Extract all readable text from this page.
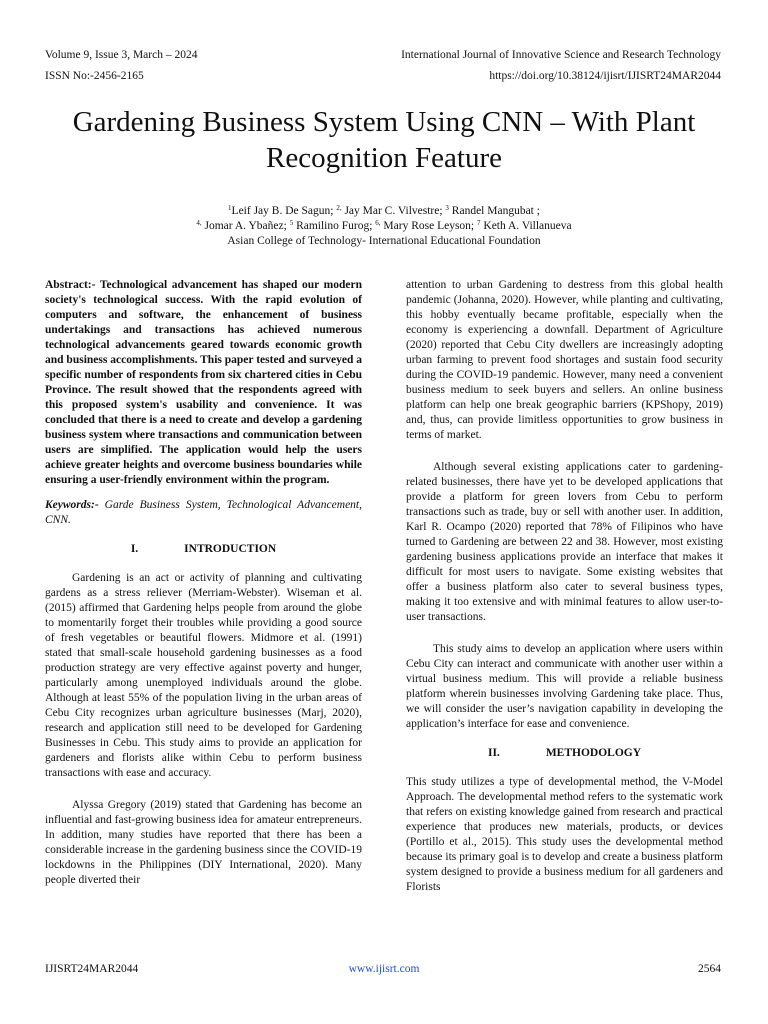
Volume 9, Issue 3, March – 2024
ISSN No:-2456-2165
International Journal of Innovative Science and Research Technology
https://doi.org/10.38124/ijisrt/IJISRT24MAR2044
Gardening Business System Using CNN – With Plant
Recognition Feature
$^1$Leif Jay B. De Sagun; $^{2,}$ Jay Mar C. Vilvestre; $^3$ Randel Mangubat ;
$^{4,}$ Jomar A. Ybañez; $^5$ Ramilino Furog; $^{6,}$ Mary Rose Leyson; $^7$ Keth A. Villanueva
Asian College of Technology- International Educational Foundation

Abstract:- Technological advancement has shaped our modern society's technological success. With the rapid evolution of computers and software, the enhancement of business undertakings and transactions has achieved numerous technological advancements geared towards economic growth and business accomplishments. This paper tested and surveyed a specific number of respondents from six chartered cities in Cebu Province. The result showed that the respondents agreed with this proposed system's usability and convenience. It was concluded that there is a need to create and develop a gardening business system where transactions and communication between users are simplified. The application would help the users achieve greater heights and overcome business boundaries while ensuring a user-friendly environment within the program.

Keywords:- Garde Business System, Technological Advancement, CNN.

I.	INTRODUCTION

Gardening is an act or activity of planning and cultivating gardens as a stress reliever (Merriam-Webster). Wiseman et al. (2015) affirmed that Gardening helps people from around the globe to momentarily forget their troubles while providing a good source of fresh vegetables or beautiful flowers. Midmore et al. (1991) stated that small-scale household gardening businesses as a food production strategy are very effective against poverty and hunger, particularly among unemployed individuals around the globe. Although at least 55% of the population living in the urban areas of Cebu City recognizes urban agriculture businesses (Marj, 2020), research and application still need to be developed for Gardening Businesses in Cebu. This study aims to provide an application for gardeners and florists alike within Cebu to perform business transactions with ease and accuracy.

Alyssa Gregory (2019) stated that Gardening has become an influential and fast-growing business idea for amateur entrepreneurs. In addition, many studies have reported that there has been a considerable increase in the gardening business since the COVID-19 lockdowns in the Philippines (DIY International, 2020). Many people diverted their

attention to urban Gardening to destress from this global health pandemic (Johanna, 2020). However, while planting and cultivating, this hobby eventually became profitable, especially when the economy is experiencing a downfall. Department of Agriculture (2020) reported that Cebu City dwellers are increasingly adopting urban farming to prevent food shortages and sustain food security during the COVID-19 pandemic. However, many need a convenient business medium to seek buyers and sellers. An online business platform can help one break geographic barriers (KPShopy, 2019) and, thus, can provide limitless opportunities to grow business in terms of market.

Although several existing applications cater to gardening-related businesses, there have yet to be developed applications that provide a platform for green lovers from Cebu to perform transactions such as trade, buy or sell with another user. In addition, Karl R. Ocampo (2020) reported that 78% of Filipinos who have turned to Gardening are between 22 and 38. However, most existing gardening business applications provide an interface that makes it difficult for most users to navigate. Some existing websites that offer a business platform also cater to several business types, making it too extensive and with minimal features to allow user-to-user transactions.

This study aims to develop an application where users within Cebu City can interact and communicate with another user within a virtual business medium. This will provide a reliable business platform wherein businesses involving Gardening take place. Thus, we will consider the user’s navigation capability in developing the application’s interface for ease and convenience.

II.	METHODOLOGY

This study utilizes a type of developmental method, the V-Model Approach. The developmental method refers to the systematic work that refers on existing knowledge gained from research and practical experience that produces new materials, products, or devices (Portillo et al., 2015). This study uses the developmental method because its primary goal is to develop and create a business platform system designed to provide a business medium for all gardeners and Florists

IJISRT24MAR2044	www.ijisrt.com	2564
